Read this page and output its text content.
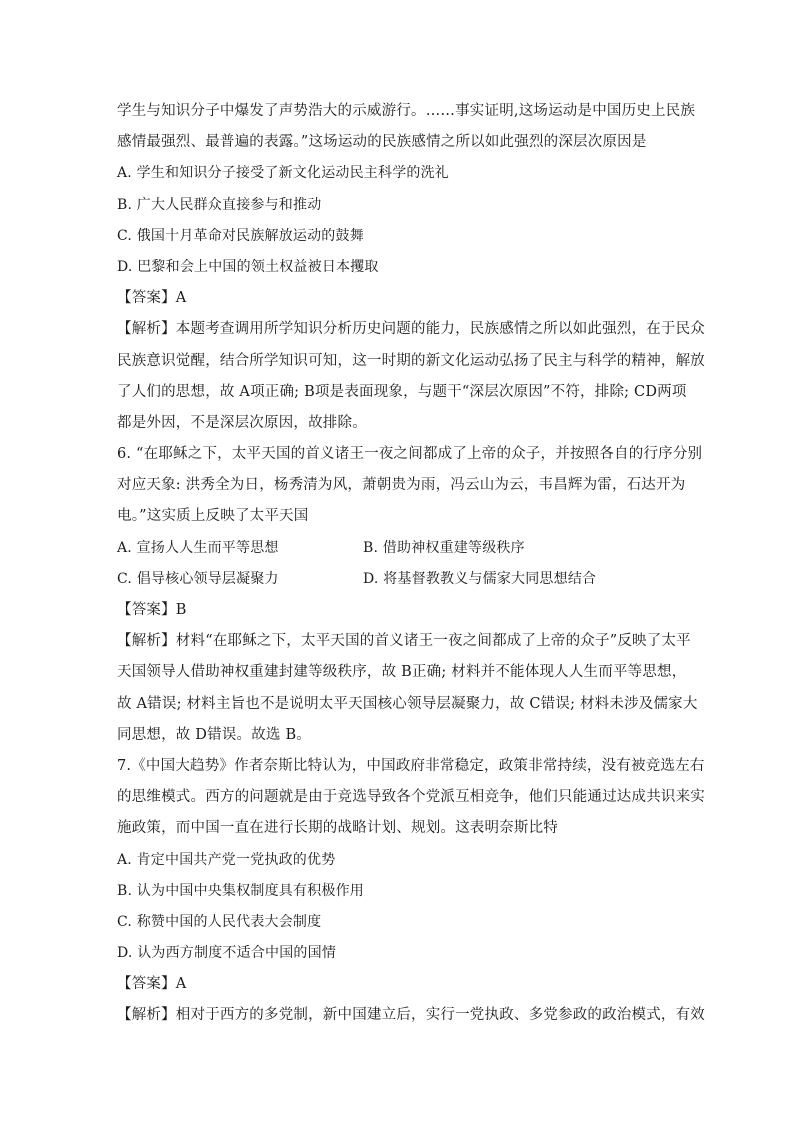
学生与知识分子中爆发了声势浩大的示威游行。……事实证明,这场运动是中国历史上民族
感情最强烈、最普遍的表露。”这场运动的民族感情之所以如此强烈的深层次原因是
A. 学生和知识分子接受了新文化运动民主科学的洗礼
B. 广大人民群众直接参与和推动
C. 俄国十月革命对民族解放运动的鼓舞
D. 巴黎和会上中国的领土权益被日本攫取
【答案】A
【解析】本题考查调用所学知识分析历史问题的能力，民族感情之所以如此强烈，在于民众
民族意识觉醒，结合所学知识可知，这一时期的新文化运动弘扬了民主与科学的精神，解放
了人们的思想，故 A项正确; B项是表面现象，与题干“深层次原因”不符，排除; CD两项
都是外因，不是深层次原因，故排除。
6. “在耶稣之下，太平天国的首义诸王一夜之间都成了上帝的众子，并按照各自的行序分别
对应天象: 洪秀全为日，杨秀清为风，萧朝贵为雨，冯云山为云，韦昌辉为雷，石达开为
电。”这实质上反映了太平天国
A. 宣扬人人生而平等思想	B. 借助神权重建等级秩序
C. 倡导核心领导层凝聚力	D. 将基督教教义与儒家大同思想结合
【答案】B
【解析】材料“在耶稣之下，太平天国的首义诸王一夜之间都成了上帝的众子”反映了太平
天国领导人借助神权重建封建等级秩序，故 B正确; 材料并不能体现人人生而平等思想，
故 A错误; 材料主旨也不是说明太平天国核心领导层凝聚力，故 C错误; 材料未涉及儒家大
同思想，故 D错误。故选 B。
7.《中国大趋势》作者奈斯比特认为，中国政府非常稳定，政策非常持续，没有被竞选左右
的思维模式。西方的问题就是由于竞选导致各个党派互相竞争，他们只能通过达成共识来实
施政策，而中国一直在进行长期的战略计划、规划。这表明奈斯比特
A. 肯定中国共产党一党执政的优势
B. 认为中国中央集权制度具有积极作用
C. 称赞中国的人民代表大会制度
D. 认为西方制度不适合中国的国情
【答案】A
【解析】相对于西方的多党制，新中国建立后，实行一党执政、多党参政的政治模式，有效
